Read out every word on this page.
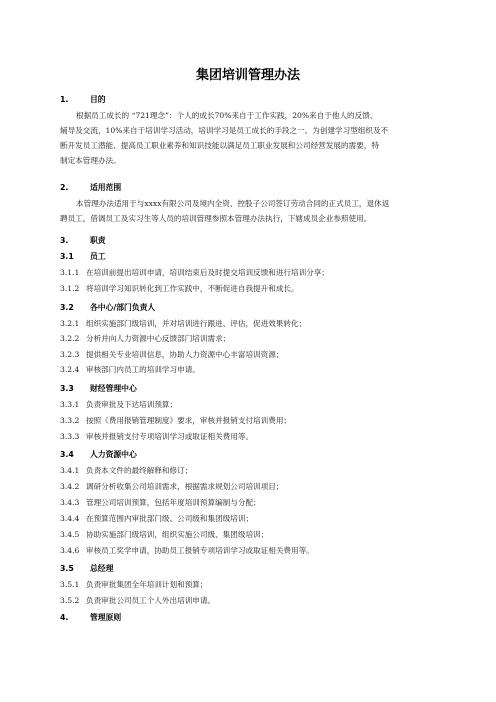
集团培训管理办法
1.	目的
根据员工成长的 “721理念”：个人的成长70%来自于工作实践，20%来自于他人的反馈、
辅导及交流，10%来自于培训学习活动，培训学习是员工成长的手段之一。为创建学习型组织及不
断开发员工潜能、提高员工职业素养和知识技能以满足员工职业发展和公司经营发展的需要，特
制定本管理办法。
2.	适用范围
本管理办法适用于与xxxx有限公司及境内全资、控股子公司签订劳动合同的正式员工，退休返
聘员工，借调员工及实习生等人员的培训管理参照本管理办法执行，下辖成员企业参照使用。
3.	职责
3.1 员工
3.1.1 在培训前提出培训申请，培训结束后及时提交培训反馈和进行培训分享；
3.1.2 将培训学习知识转化到工作实践中，不断促进自我提升和成长。
3.2 各中心/部门负责人
3.2.1 组织实施部门级培训，并对培训进行跟进、评估，促进效果转化；
3.2.2 分析并向人力资源中心反馈部门培训需求；
3.2.3 提供相关专业培训信息，协助人力资源中心丰富培训资源；
3.2.4 审核部门内员工的培训学习申请。
3.3 财经管理中心
3.3.1 负责审批及下达培训预算；
3.3.2 按照《费用报销管理制度》要求，审核并报销支付培训费用；
3.3.3 审核并报销支付专项培训学习或取证相关费用等。
3.4 人力资源中心
3.4.1 负责本文件的最终解释和修订；
3.4.2 调研分析收集公司培训需求，根据需求规划公司培训项目；
3.4.3 管理公司培训预算，包括年度培训预算编制与分配；
3.4.4 在预算范围内审批部门级、公司级和集团级培训；
3.4.5 协助实施部门级培训，组织实施公司级、集团级培训；
3.4.6 审核员工奖学申请，协助员工报销专项培训学习或取证相关费用等。
3.5 总经理
3.5.1 负责审批集团全年培训计划和预算；
3.5.2 负责审批公司员工个人外出培训申请。
4.	管理原则
